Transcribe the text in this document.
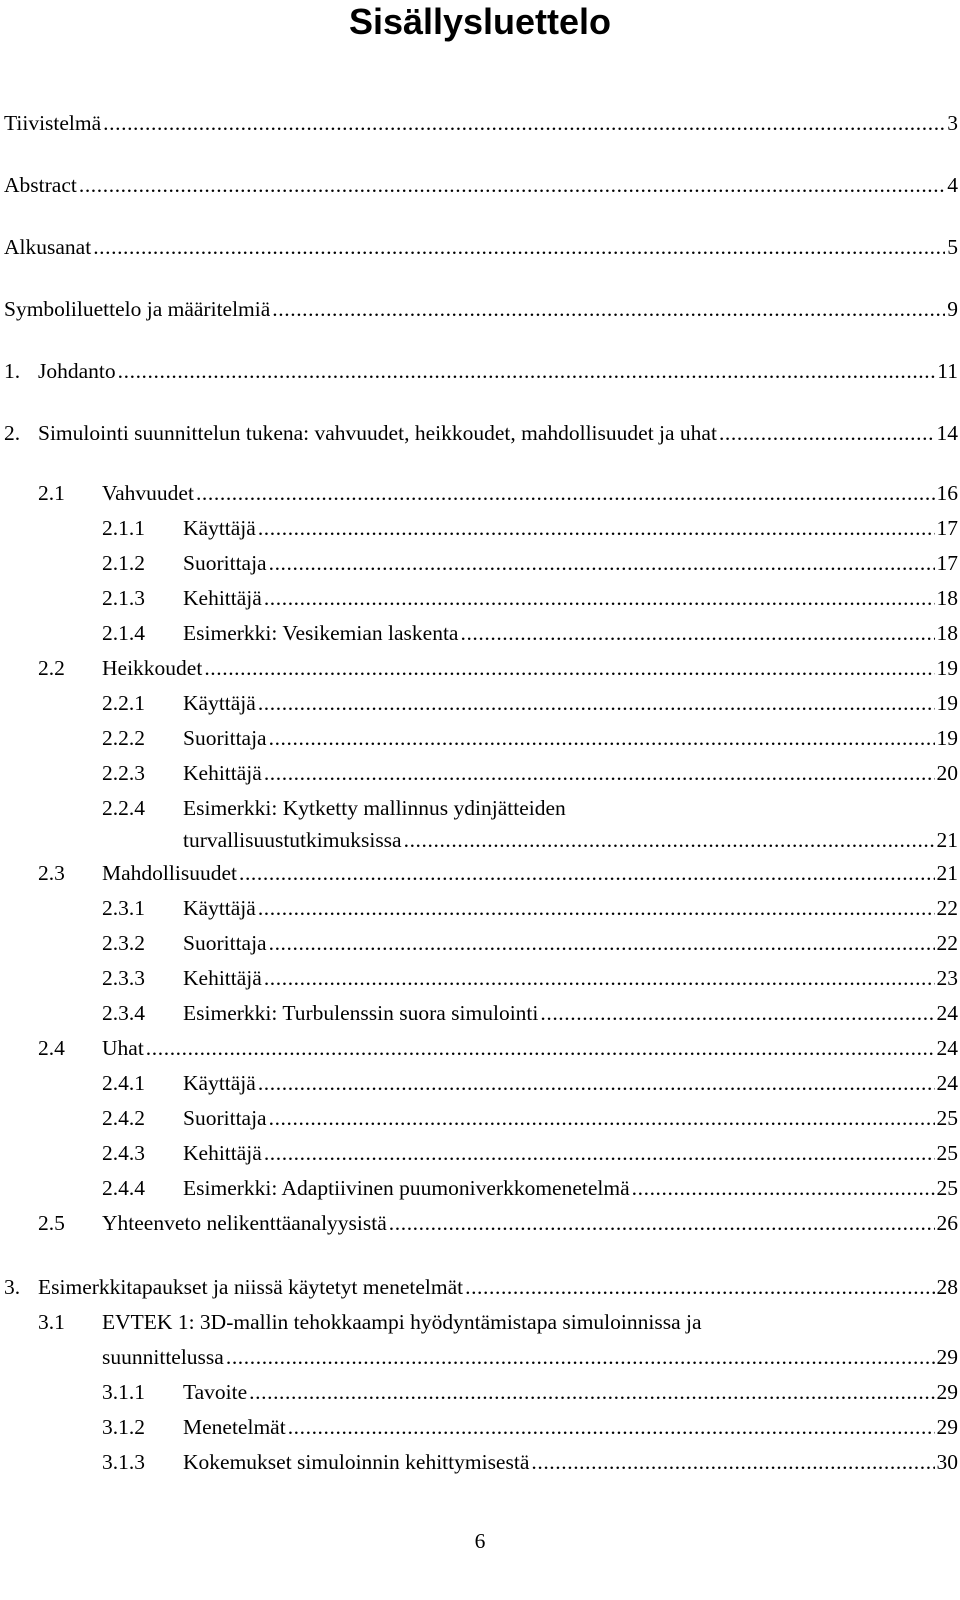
Sisällysluettelo
Tiivistelmä .....	3
Abstract .....	4
Alkusanat .....	5
Symboliluettelo ja määritelmiä .....	9
1. Johdanto .....	11
2. Simulointi suunnittelun tukena: vahvuudet, heikkoudet, mahdollisuudet ja uhat .....	14
2.1 Vahvuudet .....	16
2.1.1 Käyttäjä .....	17
2.1.2 Suorittaja .....	17
2.1.3 Kehittäjä .....	18
2.1.4 Esimerkki: Vesikemian laskenta .....	18
2.2 Heikkoudet .....	19
2.2.1 Käyttäjä .....	19
2.2.2 Suorittaja .....	19
2.2.3 Kehittäjä .....	20
2.2.4 Esimerkki: Kytketty mallinnus ydinjätteiden
turvallisuustutkimuksissa .....	21
2.3 Mahdollisuudet .....	21
2.3.1 Käyttäjä .....	22
2.3.2 Suorittaja .....	22
2.3.3 Kehittäjä .....	23
2.3.4 Esimerkki: Turbulenssin suora simulointi .....	24
2.4 Uhat .....	24
2.4.1 Käyttäjä .....	24
2.4.2 Suorittaja .....	25
2.4.3 Kehittäjä .....	25
2.4.4 Esimerkki: Adaptiivinen puumoniverkkomenetelmä .....	25
2.5 Yhteenveto nelikenttäanalyysistä .....	26
3. Esimerkkitapaukset ja niissä käytetyt menetelmät .....	28
3.1 EVTEK 1: 3D-mallin tehokkaampi hyödyntämistapa simuloinnissa ja
suunnittelussa .....	29
3.1.1 Tavoite .....	29
3.1.2 Menetelmät .....	29
3.1.3 Kokemukset simuloinnin kehittymisestä .....	30
6
